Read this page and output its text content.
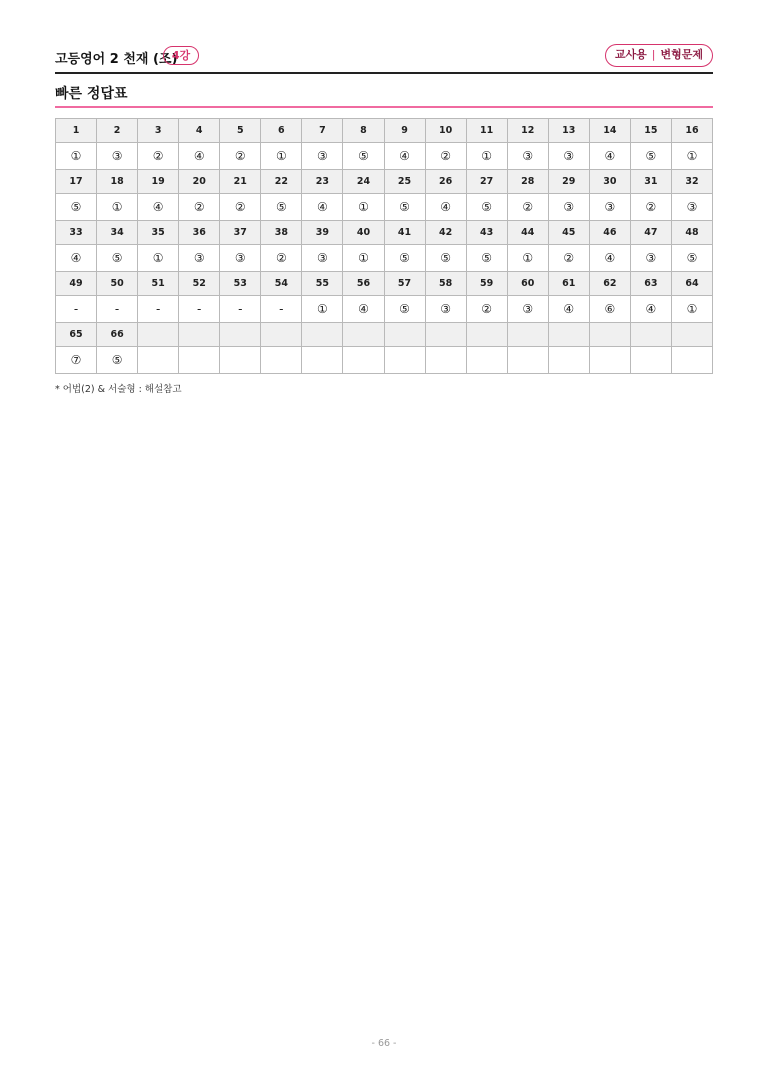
고등영어 2 천재 (조)
4강	교사용 | 변형문제
빠른 정답표
1	2	3	4	5	6	7	8	9	10	11	12	13	14	15	16
①	③	②	④	②	①	③	⑤	④	②	①	③	③	④	⑤	①
17	18	19	20	21	22	23	24	25	26	27	28	29	30	31	32
⑤	①	④	②	②	⑤	④	①	⑤	④	⑤	②	③	③	②	③
33	34	35	36	37	38	39	40	41	42	43	44	45	46	47	48
④	⑤	①	③	③	②	③	①	⑤	⑤	⑤	①	②	④	③	⑤
49	50	51	52	53	54	55	56	57	58	59	60	61	62	63	64
-	-	-	-	-	-	①	④	⑤	③	②	③	④	⑥	④	①
65	66														
⑦	⑤														
* 어법(2) & 서술형 : 해설참고
- 66 -
